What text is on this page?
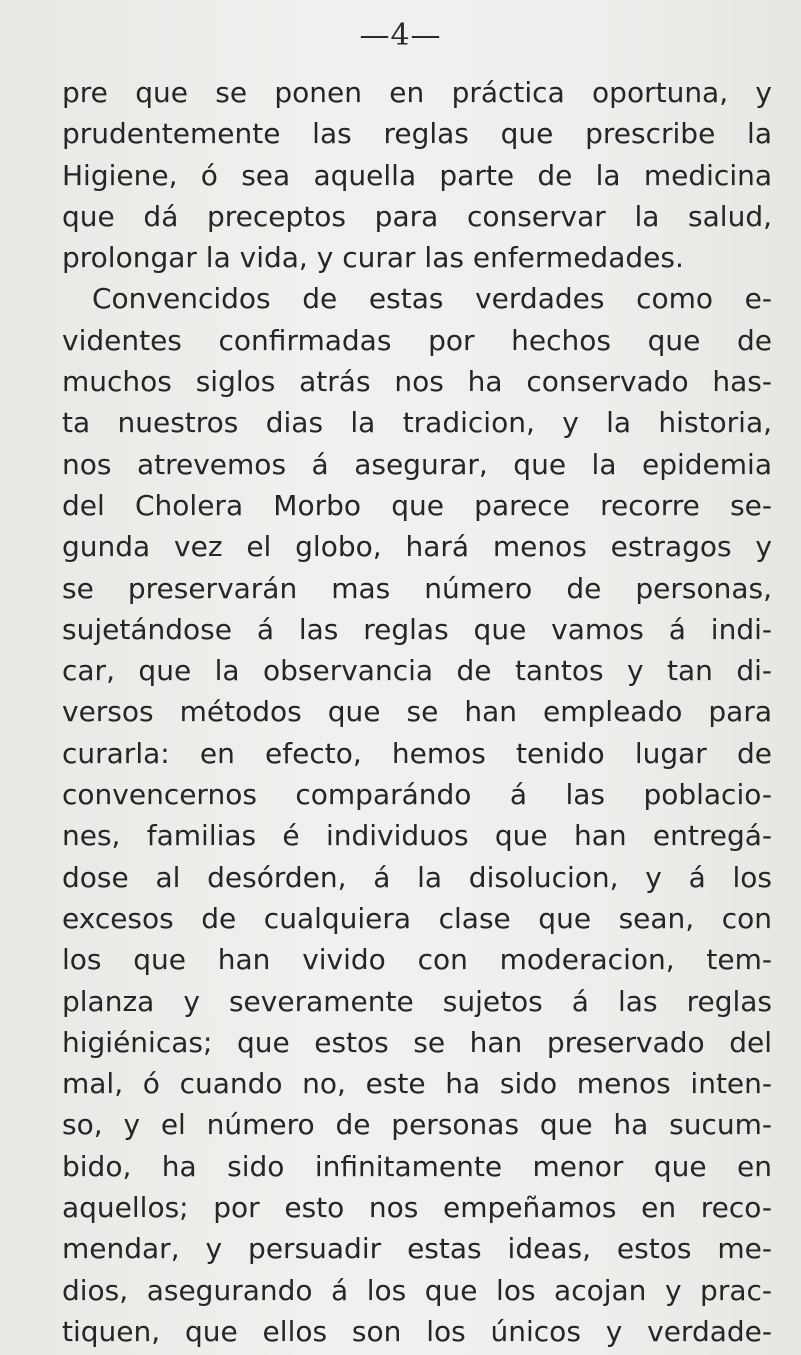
—4—
pre que se ponen en práctica oportuna, y
prudentemente las reglas que prescribe la
Higiene, ó sea aquella parte de la medicina
que dá preceptos para conservar la salud,
prolongar la vida, y curar las enfermedades.
Convencidos de estas verdades como e-
videntes confirmadas por hechos que de
muchos siglos atrás nos ha conservado has-
ta nuestros dias la tradicion, y la historia,
nos atrevemos á asegurar, que la epidemia
del Cholera Morbo que parece recorre se-
gunda vez el globo, hará menos estragos y
se preservarán mas número de personas,
sujetándose á las reglas que vamos á indi-
car, que la observancia de tantos y tan di-
versos métodos que se han empleado para
curarla: en efecto, hemos tenido lugar de
convencernos comparándo á las poblacio-
nes, familias é individuos que han entregá-
dose al desórden, á la disolucion, y á los
excesos de cualquiera clase que sean, con
los que han vivido con moderacion, tem-
planza y severamente sujetos á las reglas
higiénicas; que estos se han preservado del
mal, ó cuando no, este ha sido menos inten-
so, y el número de personas que ha sucum-
bido, ha sido infinitamente menor que en
aquellos; por esto nos empeñamos en reco-
mendar, y persuadir estas ideas, estos me-
dios, asegurando á los que los acojan y prac-
tiquen, que ellos son los únicos y verdade-
